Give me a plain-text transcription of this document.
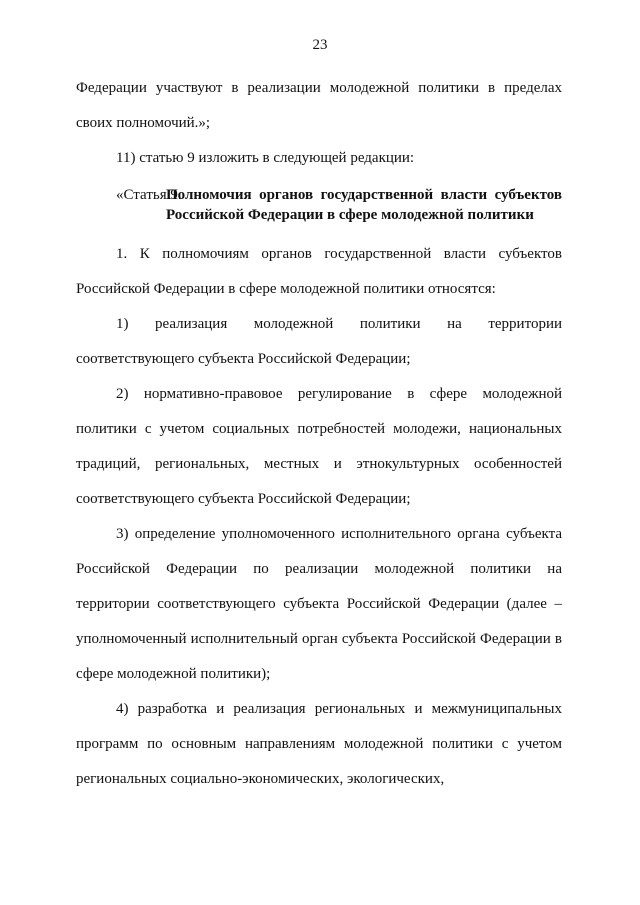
23

Федерации участвуют в реализации молодежной политики в пределах своих полномочий.»;

11) статью 9 изложить в следующей редакции:

«Статья 9.
Полномочия органов государственной власти субъектов Российской Федерации в сфере молодежной политики

1. К полномочиям органов государственной власти субъектов Российской Федерации в сфере молодежной политики относятся:

1) реализация молодежной политики на территории соответствующего субъекта Российской Федерации;

2) нормативно-правовое регулирование в сфере молодежной политики с учетом социальных потребностей молодежи, национальных традиций, региональных, местных и этнокультурных особенностей соответствующего субъекта Российской Федерации;

3) определение уполномоченного исполнительного органа субъекта Российской Федерации по реализации молодежной политики на территории соответствующего субъекта Российской Федерации (далее – уполномоченный исполнительный орган субъекта Российской Федерации в сфере молодежной политики);

4) разработка и реализация региональных и межмуниципальных программ по основным направлениям молодежной политики с учетом региональных социально-экономических, экологических,
